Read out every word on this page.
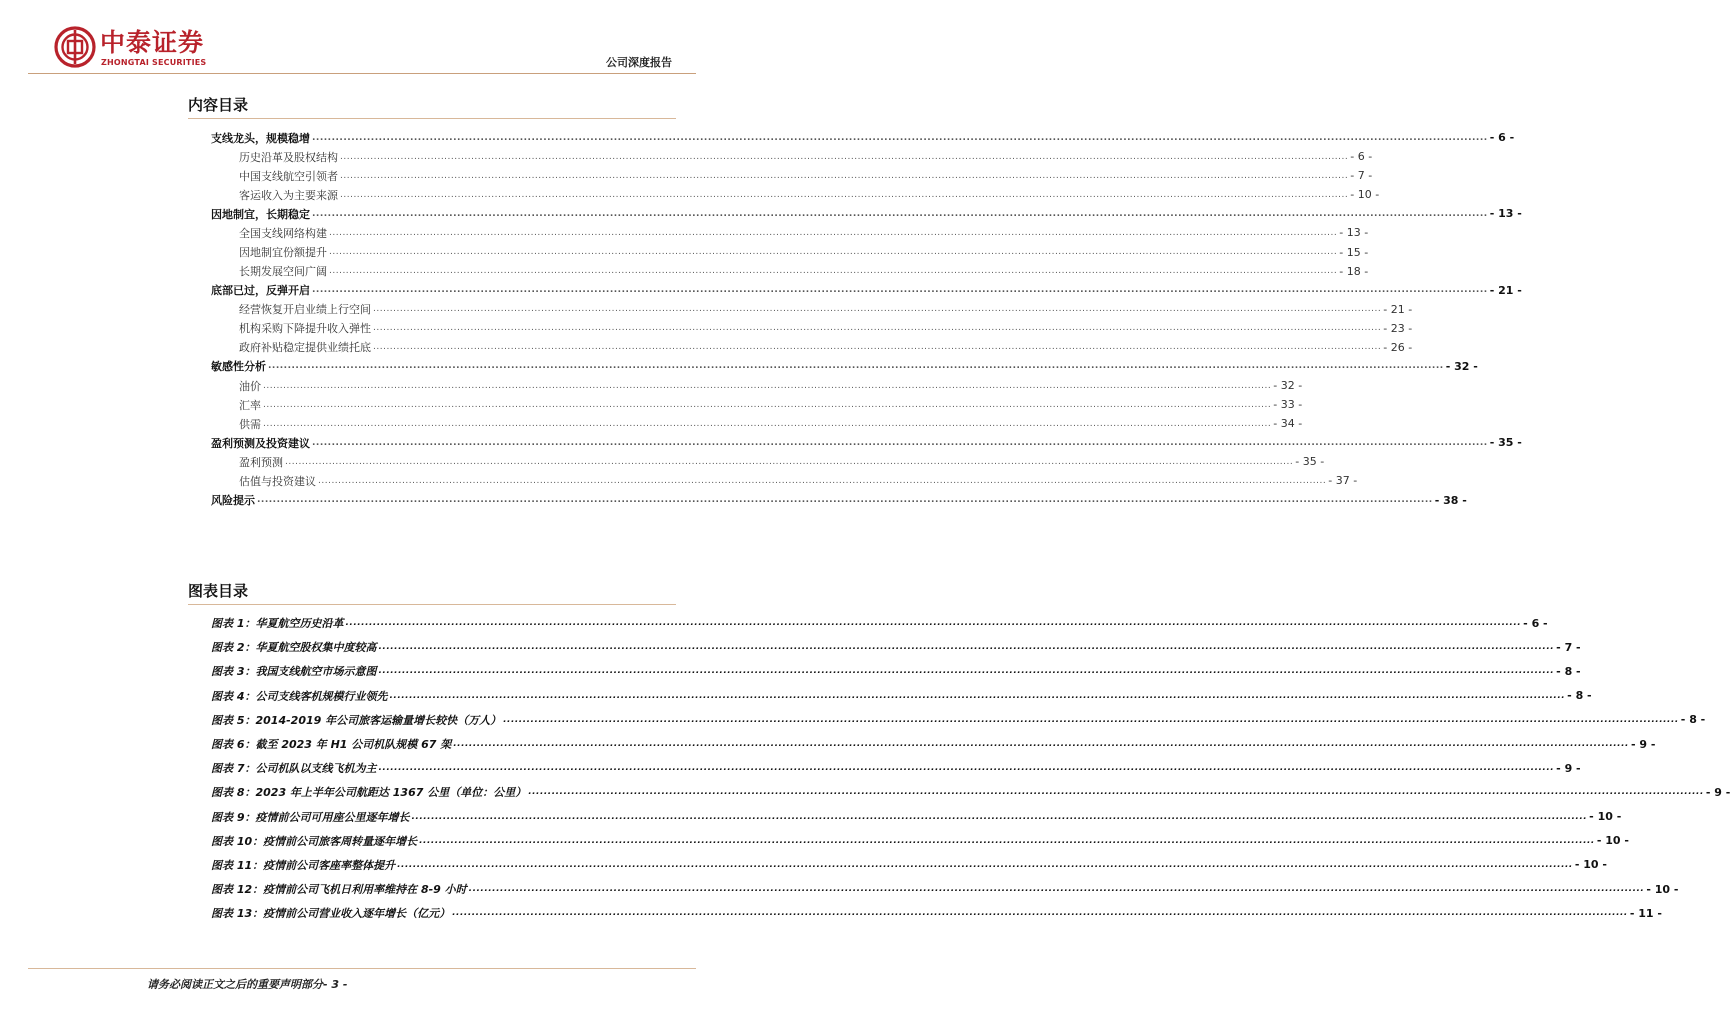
中泰证券
ZHONGTAI SECURITIES	公司深度报告
内容目录
支线龙头，规模稳增 ............................................................................................................................................................................................................................................................................................................ - 6 -
历史沿革及股权结构 ............................................................................................................................................................................................................................................................................................................ - 6 -
中国支线航空引领者 ............................................................................................................................................................................................................................................................................................................ - 7 -
客运收入为主要来源 ............................................................................................................................................................................................................................................................................................................ - 10 -
因地制宜，长期稳定 ............................................................................................................................................................................................................................................................................................................ - 13 -
全国支线网络构建 ............................................................................................................................................................................................................................................................................................................ - 13 -
因地制宜份额提升 ............................................................................................................................................................................................................................................................................................................ - 15 -
长期发展空间广阔 ............................................................................................................................................................................................................................................................................................................ - 18 -
底部已过，反弹开启 ............................................................................................................................................................................................................................................................................................................ - 21 -
经营恢复开启业绩上行空间 ............................................................................................................................................................................................................................................................................................................ - 21 -
机构采购下降提升收入弹性 ............................................................................................................................................................................................................................................................................................................ - 23 -
政府补贴稳定提供业绩托底 ............................................................................................................................................................................................................................................................................................................ - 26 -
敏感性分析 ............................................................................................................................................................................................................................................................................................................ - 32 -
油价 ............................................................................................................................................................................................................................................................................................................ - 32 -
汇率 ............................................................................................................................................................................................................................................................................................................ - 33 -
供需 ............................................................................................................................................................................................................................................................................................................ - 34 -
盈利预测及投资建议 ............................................................................................................................................................................................................................................................................................................ - 35 -
盈利预测 ............................................................................................................................................................................................................................................................................................................ - 35 -
估值与投资建议 ............................................................................................................................................................................................................................................................................................................ - 37 -
风险提示 ............................................................................................................................................................................................................................................................................................................ - 38 -
图表目录
图表 1：华夏航空历史沿革 ............................................................................................................................................................................................................................................................................................................ - 6 -
图表 2：华夏航空股权集中度较高 ............................................................................................................................................................................................................................................................................................................ - 7 -
图表 3：我国支线航空市场示意图 ............................................................................................................................................................................................................................................................................................................ - 8 -
图表 4：公司支线客机规模行业领先 ............................................................................................................................................................................................................................................................................................................ - 8 -
图表 5：2014-2019 年公司旅客运输量增长较快（万人） ............................................................................................................................................................................................................................................................................................................ - 8 -
图表 6：截至 2023 年 H1 公司机队规模 67 架 ............................................................................................................................................................................................................................................................................................................ - 9 -
图表 7：公司机队以支线飞机为主 ............................................................................................................................................................................................................................................................................................................ - 9 -
图表 8：2023 年上半年公司航距达 1367 公里（单位：公里） ............................................................................................................................................................................................................................................................................................................ - 9 -
图表 9：疫情前公司可用座公里逐年增长 ............................................................................................................................................................................................................................................................................................................ - 10 -
图表 10：疫情前公司旅客周转量逐年增长 ............................................................................................................................................................................................................................................................................................................ - 10 -
图表 11：疫情前公司客座率整体提升 ............................................................................................................................................................................................................................................................................................................ - 10 -
图表 12：疫情前公司飞机日利用率维持在 8-9 小时 ............................................................................................................................................................................................................................................................................................................ - 10 -
图表 13：疫情前公司营业收入逐年增长（亿元） ............................................................................................................................................................................................................................................................................................................ - 11 -
请务必阅读正文之后的重要声明部分- 3 -
